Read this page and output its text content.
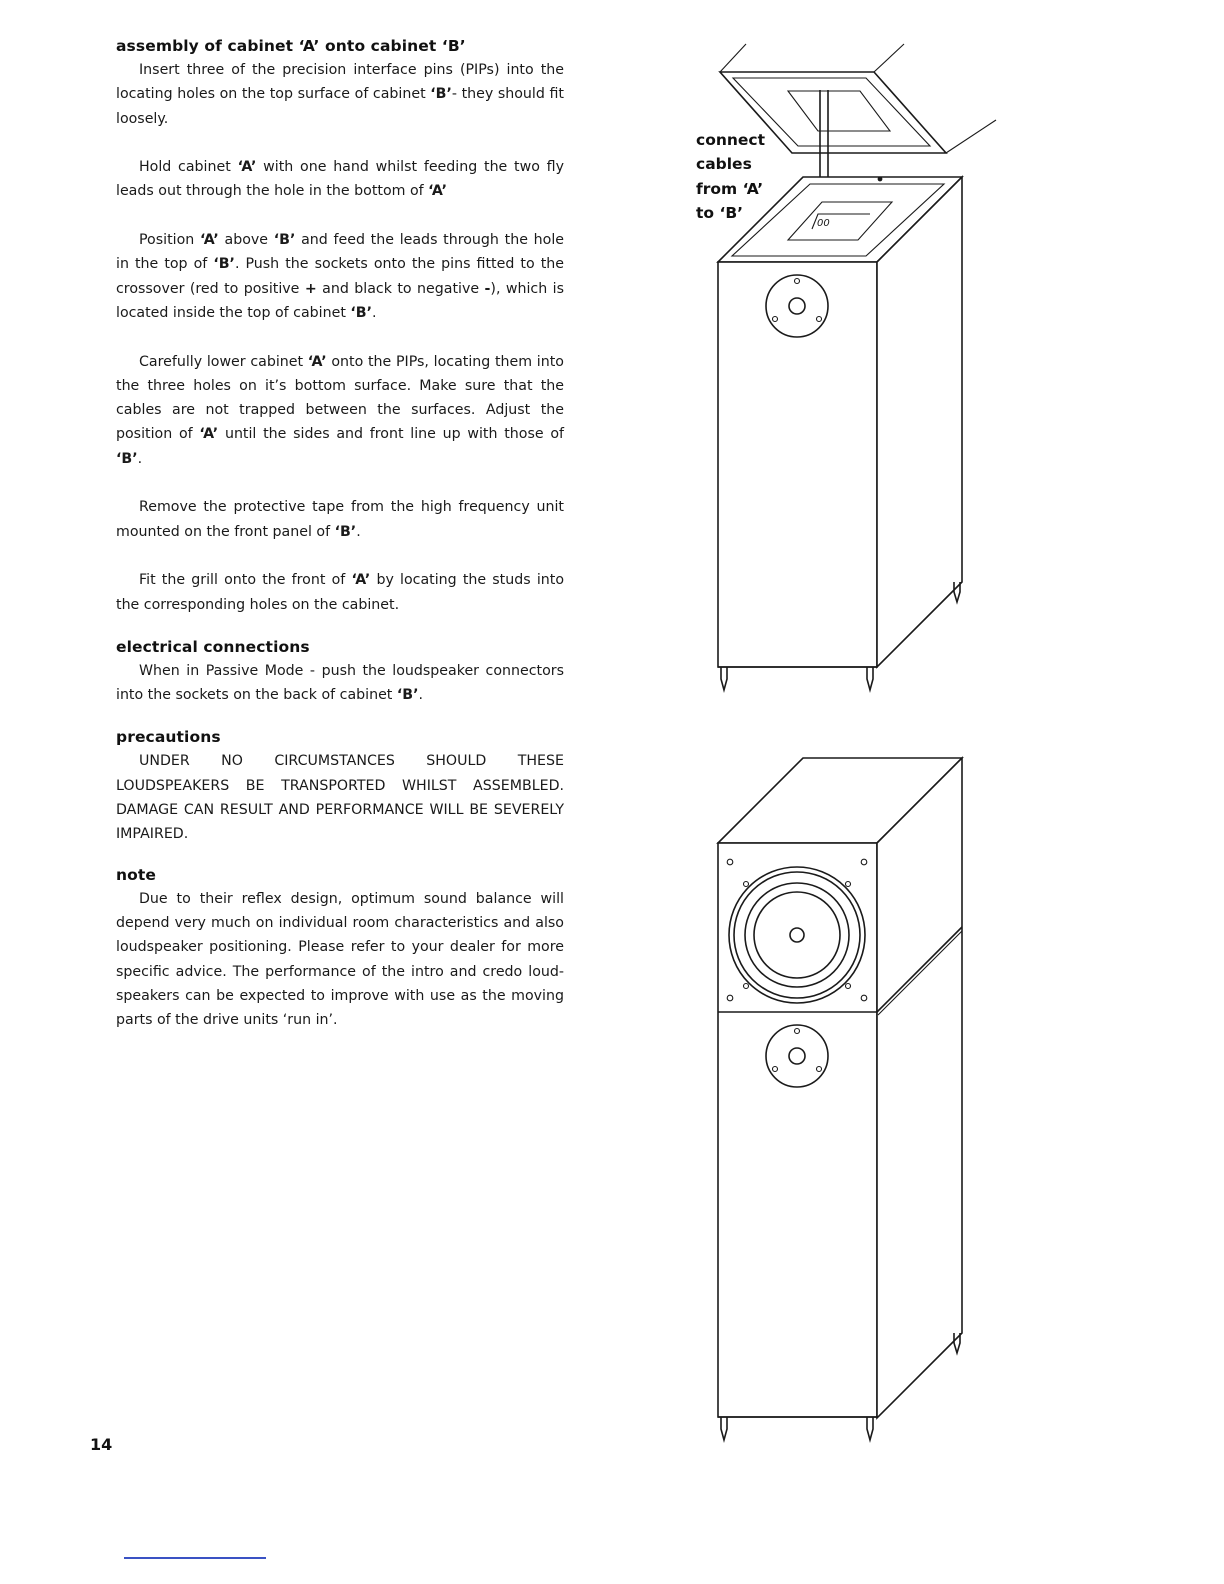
assembly of cabinet ‘A’ onto cabinet ‘B’

Insert three of the precision interface pins (PIPs) into the locating holes on the top surface of cabinet ‘B’- they should fit loosely.

Hold cabinet ‘A’ with one hand whilst feeding the two fly leads out through the hole in the bottom of ‘A’

Position ‘A’ above ‘B’ and feed the leads through the hole in the top of ‘B’. Push the sockets onto the pins fitted to the crossover (red to positive + and black to negative -), which is located inside the top of cabinet ‘B’.

Carefully lower cabinet ‘A’ onto the PIPs, locating them into the three holes on it’s bottom surface. Make sure that the cables are not trapped between the surfaces. Adjust the position of ‘A’ until the sides and front line up with those of ‘B’.

Remove the protective tape from the high frequency unit mounted on the front panel of ‘B’.

Fit the grill onto the front of ‘A’ by locating the studs into the corresponding holes on the cabinet.

electrical connections

When in Passive Mode - push the loudspeaker connectors into the sockets on the back of cabinet ‘B’.

precautions

UNDER NO CIRCUMSTANCES SHOULD THESE LOUDSPEAKERS BE TRANSPORTED WHILST ASSEMBLED. DAMAGE CAN RESULT AND PERFORMANCE WILL BE SEVERELY IMPAIRED.

note

Due to their reflex design, optimum sound balance will depend very much on individual room characteristics and also loudspeaker positioning. Please refer to your dealer for more specific advice. The performance of the intro and credo loud-speakers can be expected to improve with use as the moving parts of the drive units ‘run in’.

connect
cables
from ‘A’
to ‘B’
00
14
